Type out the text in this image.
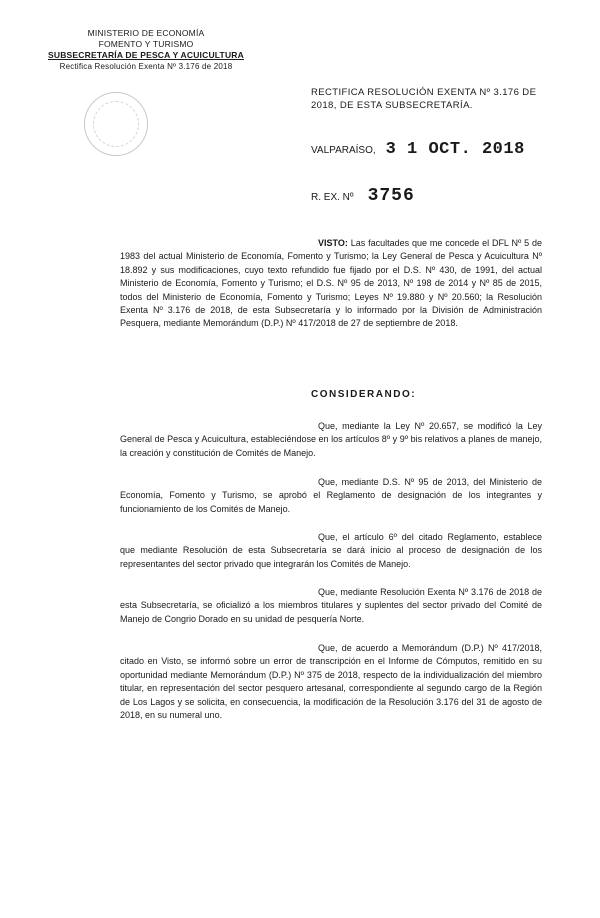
MINISTERIO DE ECONOMÍA
FOMENTO Y TURISMO
SUBSECRETARÍA DE PESCA Y ACUICULTURA
Rectifica Resolución Exenta Nº 3.176 de 2018
RECTIFICA RESOLUCIÓN EXENTA Nº 3.176 DE 2018, DE ESTA SUBSECRETARÍA.
VALPARAÍSO, 3 1 OCT. 2018
R. EX. Nº 3756
VISTO: Las facultades que me concede el DFL Nº 5 de 1983 del actual Ministerio de Economía, Fomento y Turismo; la Ley General de Pesca y Acuicultura Nº 18.892 y sus modificaciones, cuyo texto refundido fue fijado por el D.S. Nº 430, de 1991, del actual Ministerio de Economía, Fomento y Turismo; el D.S. Nº 95 de 2013, Nº 198 de 2014 y Nº 85 de 2015, todos del Ministerio de Economía, Fomento y Turismo; Leyes Nº 19.880 y Nº 20.560; la Resolución Exenta Nº 3.176 de 2018, de esta Subsecretaría y lo informado por la División de Administración Pesquera, mediante Memorándum (D.P.) Nº 417/2018 de 27 de septiembre de 2018.
CONSIDERANDO:
Que, mediante la Ley Nº 20.657, se modificó la Ley General de Pesca y Acuicultura, estableciéndose en los artículos 8º y 9º bis relativos a planes de manejo, la creación y constitución de Comités de Manejo.
Que, mediante D.S. Nº 95 de 2013, del Ministerio de Economía, Fomento y Turismo, se aprobó el Reglamento de designación de los integrantes y funcionamiento de los Comités de Manejo.
Que, el artículo 6º del citado Reglamento, establece que mediante Resolución de esta Subsecretaría se dará inicio al proceso de designación de los representantes del sector privado que integrarán los Comités de Manejo.
Que, mediante Resolución Exenta Nº 3.176 de 2018 de esta Subsecretaría, se oficializó a los miembros titulares y suplentes del sector privado del Comité de Manejo de Congrio Dorado en su unidad de pesquería Norte.
Que, de acuerdo a Memorándum (D.P.) Nº 417/2018, citado en Visto, se informó sobre un error de transcripción en el Informe de Cómputos, remitido en su oportunidad mediante Memorándum (D.P.) Nº 375 de 2018, respecto de la individualización del miembro titular, en representación del sector pesquero artesanal, correspondiente al segundo cargo de la Región de Los Lagos y se solicita, en consecuencia, la modificación de la Resolución 3.176 del 31 de agosto de 2018, en su numeral uno.
